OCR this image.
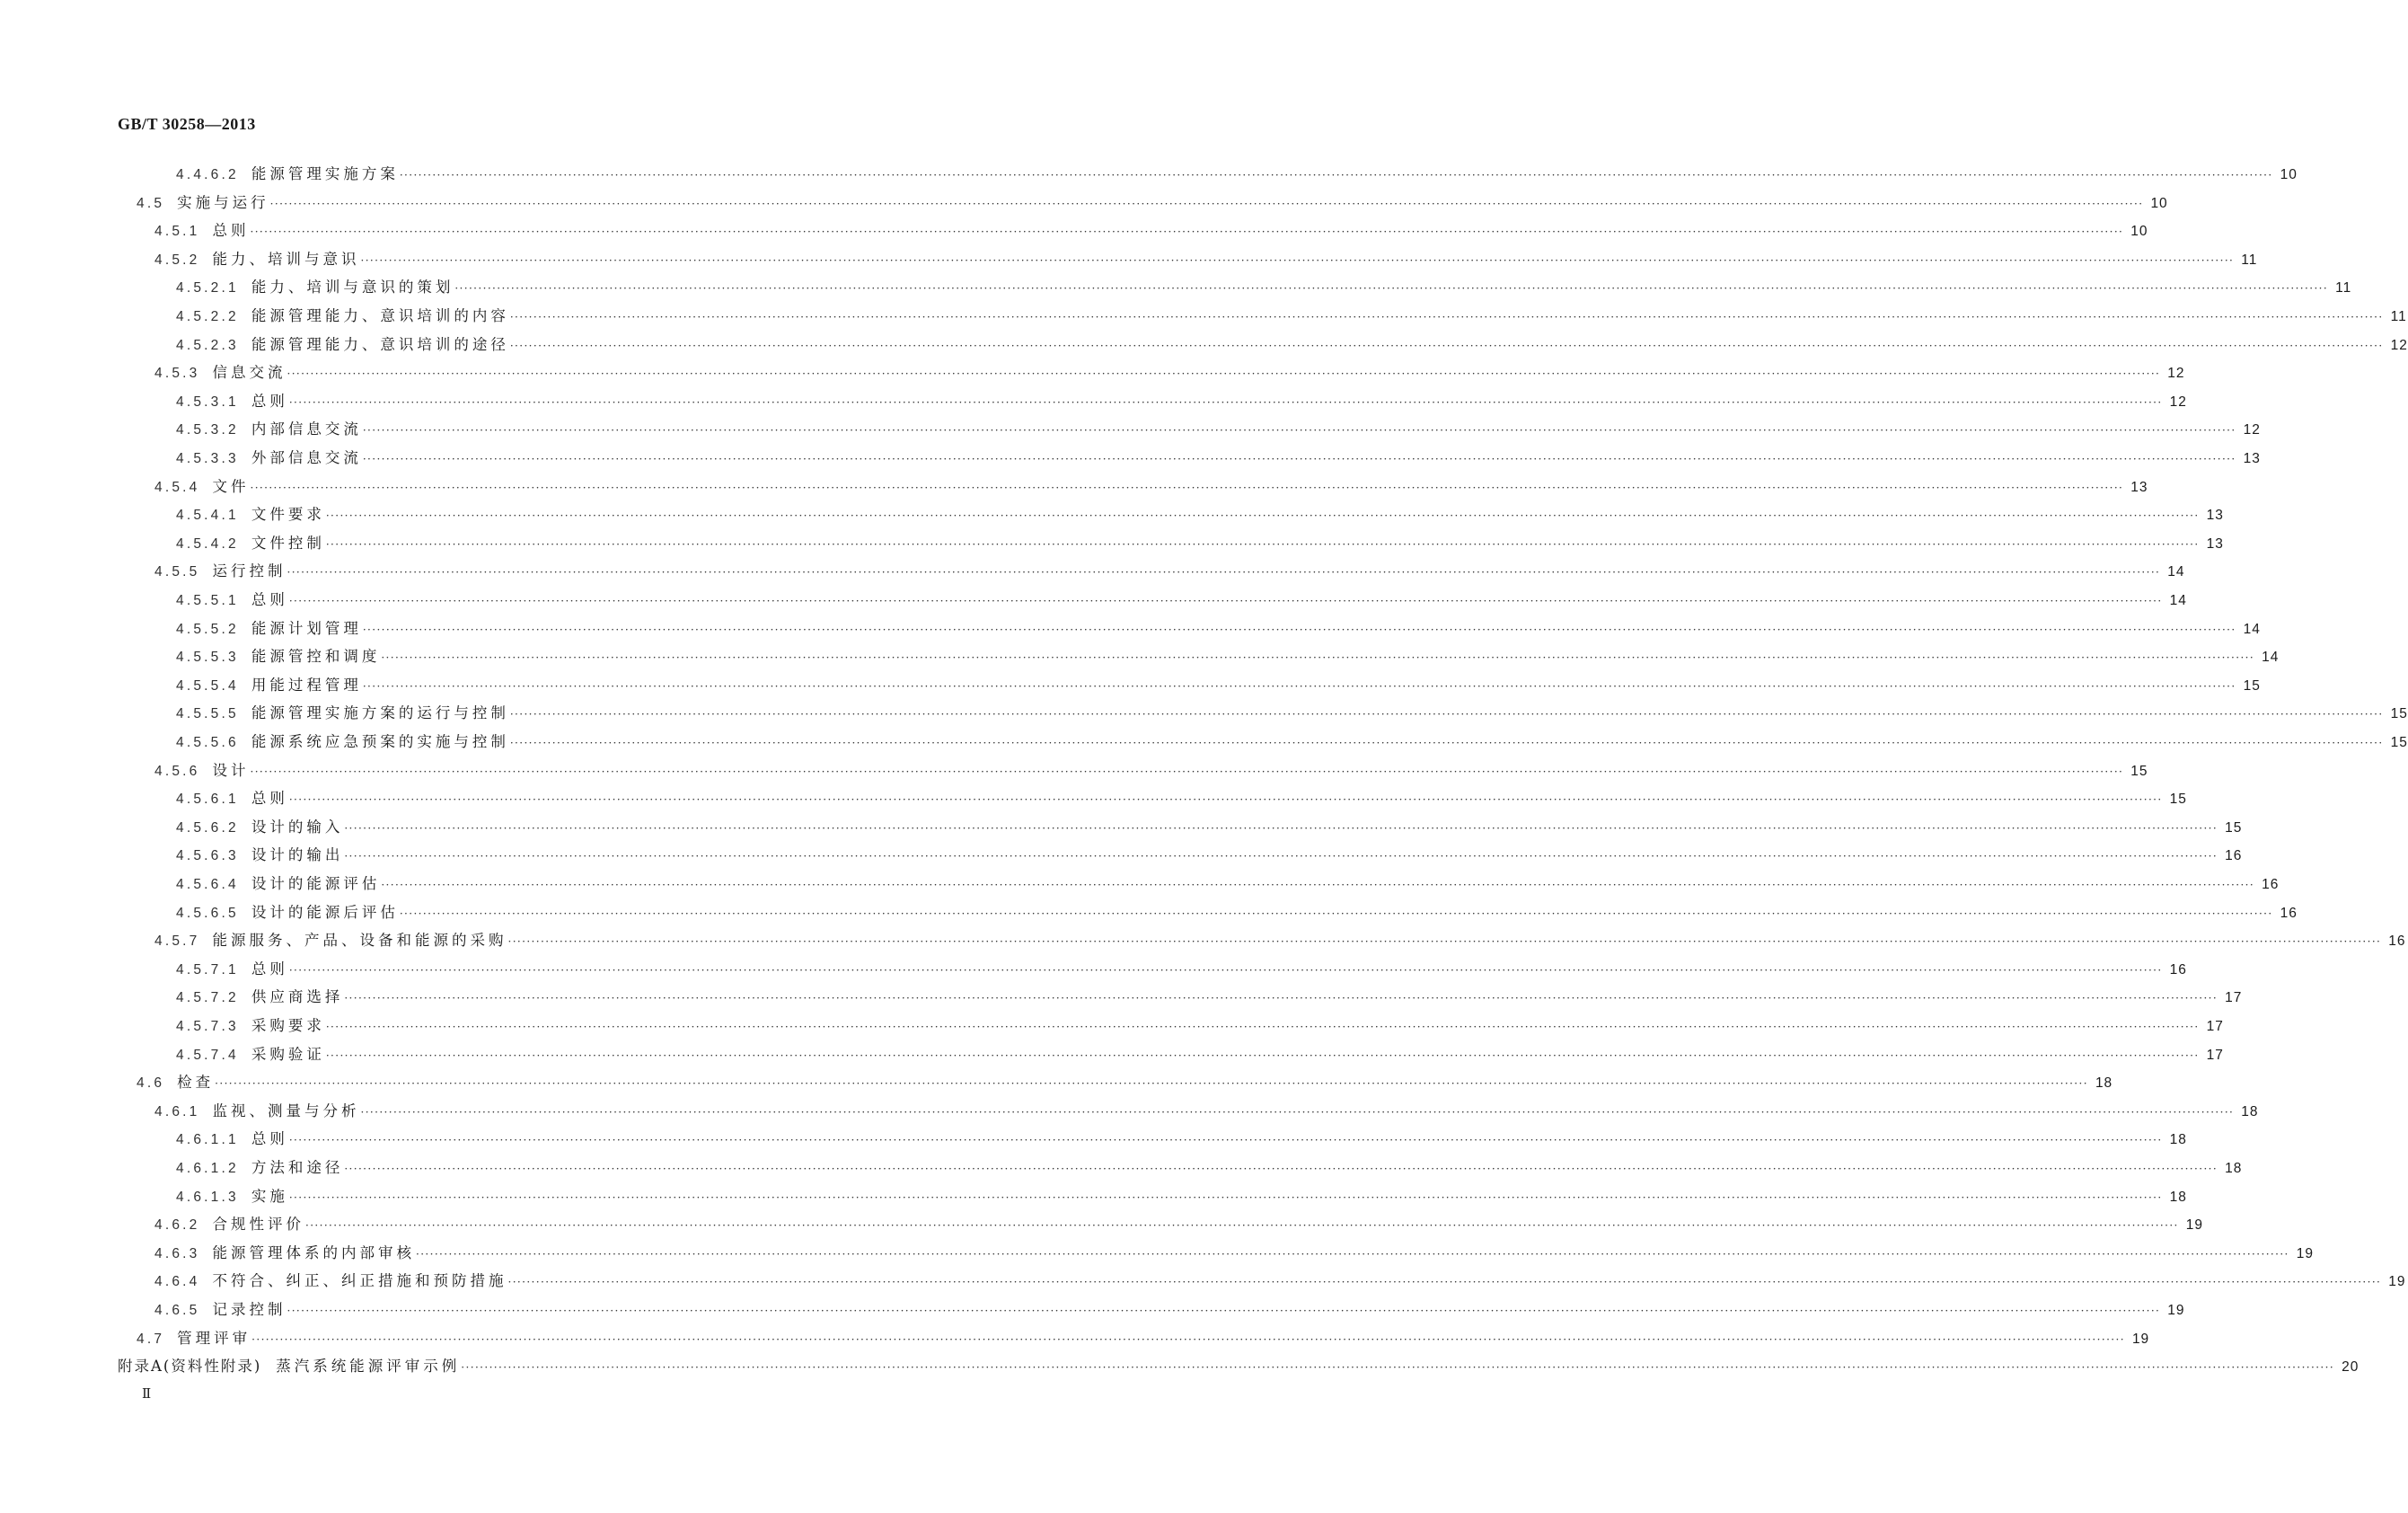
GB/T 30258—2013
4.4.6.2 能源管理实施方案 ················································································································································································································································································································································································································ 10
4.5 实施与运行 ················································································································································································································································································································································································································ 10
4.5.1 总则 ················································································································································································································································································································································································································ 10
4.5.2 能力、培训与意识 ················································································································································································································································································································································································································ 11
4.5.2.1 能力、培训与意识的策划 ················································································································································································································································································································································································································ 11
4.5.2.2 能源管理能力、意识培训的内容 ················································································································································································································································································································································································································ 11
4.5.2.3 能源管理能力、意识培训的途径 ················································································································································································································································································································································································································ 12
4.5.3 信息交流 ················································································································································································································································································································································································································ 12
4.5.3.1 总则 ················································································································································································································································································································································································································ 12
4.5.3.2 内部信息交流 ················································································································································································································································································································································································································ 12
4.5.3.3 外部信息交流 ················································································································································································································································································································································································································ 13
4.5.4 文件 ················································································································································································································································································································································································································ 13
4.5.4.1 文件要求 ················································································································································································································································································································································································································ 13
4.5.4.2 文件控制 ················································································································································································································································································································································································································ 13
4.5.5 运行控制 ················································································································································································································································································································································································································ 14
4.5.5.1 总则 ················································································································································································································································································································································································································ 14
4.5.5.2 能源计划管理 ················································································································································································································································································································································································································ 14
4.5.5.3 能源管控和调度 ················································································································································································································································································································································································································ 14
4.5.5.4 用能过程管理 ················································································································································································································································································································································································································ 15
4.5.5.5 能源管理实施方案的运行与控制 ················································································································································································································································································································································································································ 15
4.5.5.6 能源系统应急预案的实施与控制 ················································································································································································································································································································································································································ 15
4.5.6 设计 ················································································································································································································································································································································································································ 15
4.5.6.1 总则 ················································································································································································································································································································································································································ 15
4.5.6.2 设计的输入 ················································································································································································································································································································································································································ 15
4.5.6.3 设计的输出 ················································································································································································································································································································································································································ 16
4.5.6.4 设计的能源评估 ················································································································································································································································································································································································································ 16
4.5.6.5 设计的能源后评估 ················································································································································································································································································································································································································ 16
4.5.7 能源服务、产品、设备和能源的采购 ················································································································································································································································································································································································································ 16
4.5.7.1 总则 ················································································································································································································································································································································································································ 16
4.5.7.2 供应商选择 ················································································································································································································································································································································································································ 17
4.5.7.3 采购要求 ················································································································································································································································································································································································································ 17
4.5.7.4 采购验证 ················································································································································································································································································································································································································ 17
4.6 检查 ················································································································································································································································································································································································································ 18
4.6.1 监视、测量与分析 ················································································································································································································································································································································································································ 18
4.6.1.1 总则 ················································································································································································································································································································································································································ 18
4.6.1.2 方法和途径 ················································································································································································································································································································································································································ 18
4.6.1.3 实施 ················································································································································································································································································································································································································ 18
4.6.2 合规性评价 ················································································································································································································································································································································································································ 19
4.6.3 能源管理体系的内部审核 ················································································································································································································································································································································································································ 19
4.6.4 不符合、纠正、纠正措施和预防措施 ················································································································································································································································································································································································································ 19
4.6.5 记录控制 ················································································································································································································································································································································································································ 19
4.7 管理评审 ················································································································································································································································································································································································································ 19
附录A(资料性附录) 蒸汽系统能源评审示例 ················································································································································································································································································································································································································ 20
Ⅱ
